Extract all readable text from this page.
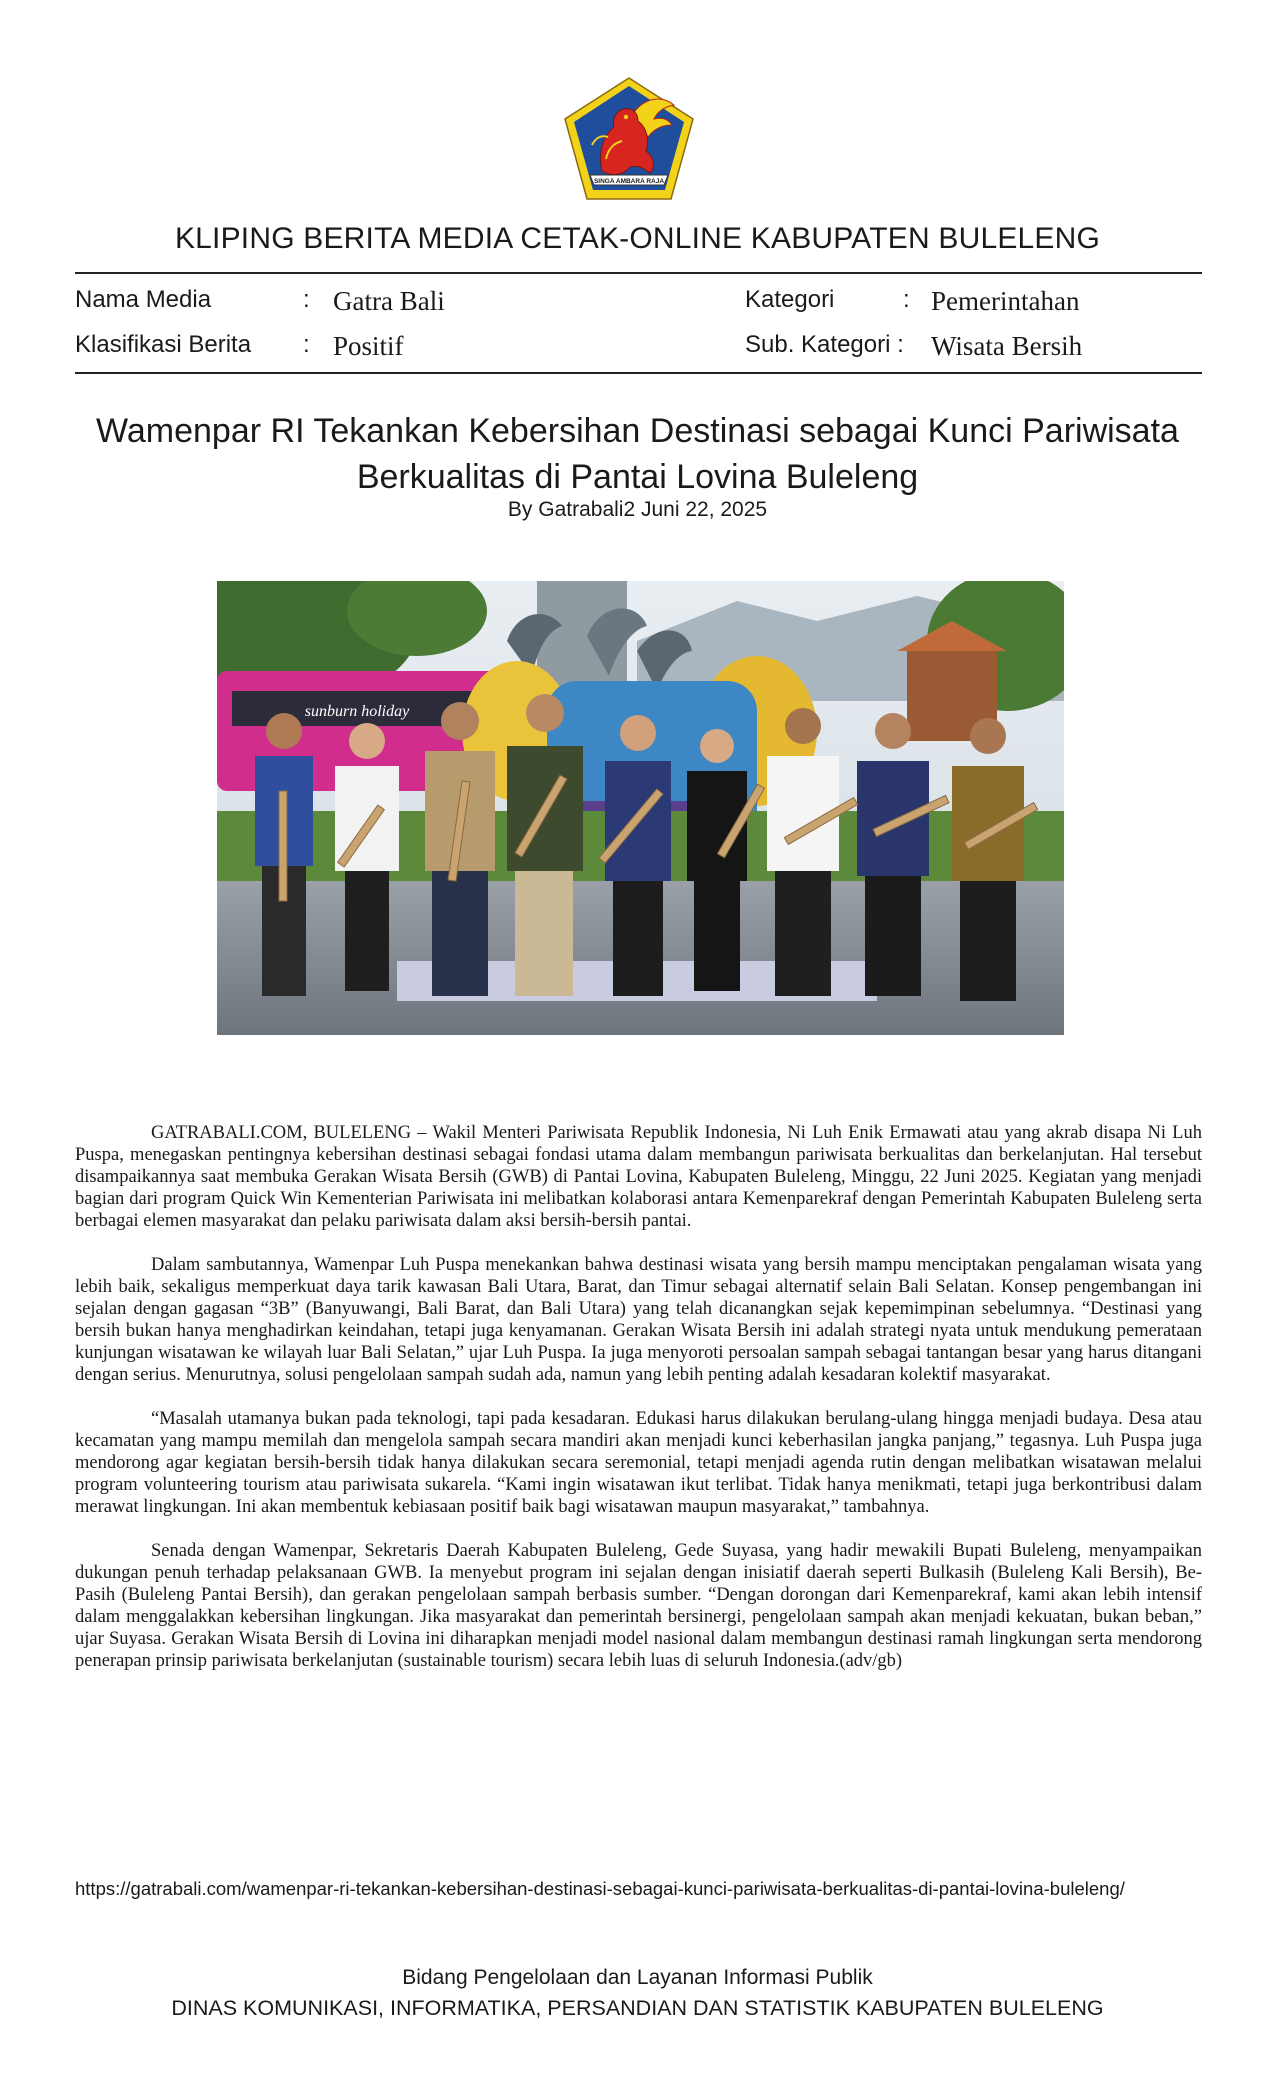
SINGA AMBARA RAJA
KLIPING BERITA MEDIA CETAK-ONLINE KABUPATEN BULELENG
Nama Media	: Gatra Bali	Kategori	: Pemerintahan
Klasifikasi Berita : Positif	Sub. Kategori : Wisata Bersih
Wamenpar RI Tekankan Kebersihan Destinasi sebagai Kunci Pariwisata
Berkualitas di Pantai Lovina Buleleng
By Gatrabali2 Juni 22, 2025
sunburn holiday

GATRABALI.COM, BULELENG – Wakil Menteri Pariwisata Republik Indonesia, Ni Luh Enik Ermawati atau yang akrab disapa Ni Luh Puspa, menegaskan pentingnya kebersihan destinasi sebagai fondasi utama dalam membangun pariwisata berkualitas dan berkelanjutan. Hal tersebut disampaikannya saat membuka Gerakan Wisata Bersih (GWB) di Pantai Lovina, Kabupaten Buleleng, Minggu, 22 Juni 2025. Kegiatan yang menjadi bagian dari program Quick Win Kementerian Pariwisata ini melibatkan kolaborasi antara Kemenparekraf dengan Pemerintah Kabupaten Buleleng serta berbagai elemen masyarakat dan pelaku pariwisata dalam aksi bersih-bersih pantai.

Dalam sambutannya, Wamenpar Luh Puspa menekankan bahwa destinasi wisata yang bersih mampu menciptakan pengalaman wisata yang lebih baik, sekaligus memperkuat daya tarik kawasan Bali Utara, Barat, dan Timur sebagai alternatif selain Bali Selatan. Konsep pengembangan ini sejalan dengan gagasan “3B” (Banyuwangi, Bali Barat, dan Bali Utara) yang telah dicanangkan sejak kepemimpinan sebelumnya. “Destinasi yang bersih bukan hanya menghadirkan keindahan, tetapi juga kenyamanan. Gerakan Wisata Bersih ini adalah strategi nyata untuk mendukung pemerataan kunjungan wisatawan ke wilayah luar Bali Selatan,” ujar Luh Puspa. Ia juga menyoroti persoalan sampah sebagai tantangan besar yang harus ditangani dengan serius. Menurutnya, solusi pengelolaan sampah sudah ada, namun yang lebih penting adalah kesadaran kolektif masyarakat.

“Masalah utamanya bukan pada teknologi, tapi pada kesadaran. Edukasi harus dilakukan berulang-ulang hingga menjadi budaya. Desa atau kecamatan yang mampu memilah dan mengelola sampah secara mandiri akan menjadi kunci keberhasilan jangka panjang,” tegasnya. Luh Puspa juga mendorong agar kegiatan bersih-bersih tidak hanya dilakukan secara seremonial, tetapi menjadi agenda rutin dengan melibatkan wisatawan melalui program volunteering tourism atau pariwisata sukarela. “Kami ingin wisatawan ikut terlibat. Tidak hanya menikmati, tetapi juga berkontribusi dalam merawat lingkungan. Ini akan membentuk kebiasaan positif baik bagi wisatawan maupun masyarakat,” tambahnya.

Senada dengan Wamenpar, Sekretaris Daerah Kabupaten Buleleng, Gede Suyasa, yang hadir mewakili Bupati Buleleng, menyampaikan dukungan penuh terhadap pelaksanaan GWB. Ia menyebut program ini sejalan dengan inisiatif daerah seperti Bulkasih (Buleleng Kali Bersih), Be-Pasih (Buleleng Pantai Bersih), dan gerakan pengelolaan sampah berbasis sumber. “Dengan dorongan dari Kemenparekraf, kami akan lebih intensif dalam menggalakkan kebersihan lingkungan. Jika masyarakat dan pemerintah bersinergi, pengelolaan sampah akan menjadi kekuatan, bukan beban,” ujar Suyasa. Gerakan Wisata Bersih di Lovina ini diharapkan menjadi model nasional dalam membangun destinasi ramah lingkungan serta mendorong penerapan prinsip pariwisata berkelanjutan (sustainable tourism) secara lebih luas di seluruh Indonesia.(adv/gb)

https://gatrabali.com/wamenpar-ri-tekankan-kebersihan-destinasi-sebagai-kunci-pariwisata-berkualitas-di-pantai-lovina-buleleng/
Bidang Pengelolaan dan Layanan Informasi Publik
DINAS KOMUNIKASI, INFORMATIKA, PERSANDIAN DAN STATISTIK KABUPATEN BULELENG
